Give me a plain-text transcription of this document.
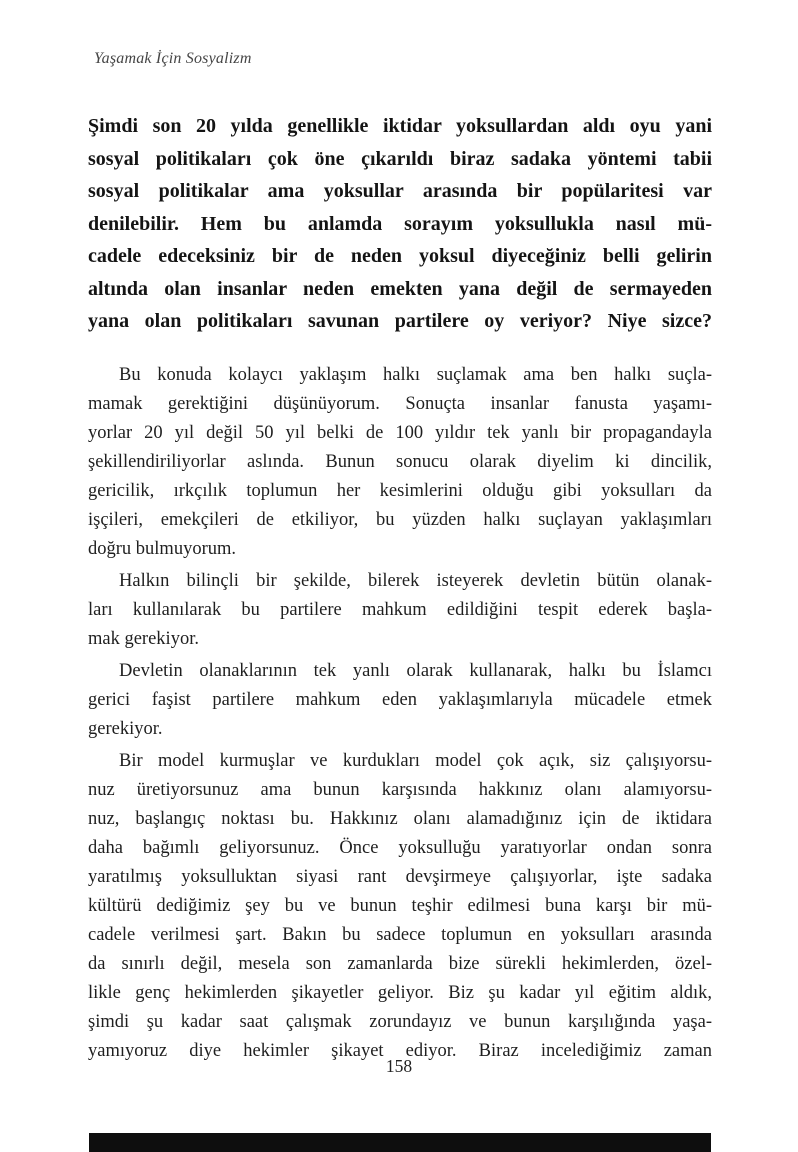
Yaşamak İçin Sosyalizm
Şimdi son 20 yılda genellikle iktidar yoksullardan aldı oyu yani
sosyal politikaları çok öne çıkarıldı biraz sadaka yöntemi tabii
sosyal politikalar ama yoksullar arasında bir popülaritesi var
denilebilir. Hem bu anlamda sorayım yoksullukla nasıl mü-
cadele edeceksiniz bir de neden yoksul diyeceğiniz belli gelirin
altında olan insanlar neden emekten yana değil de sermayeden
yana olan politikaları savunan partilere oy veriyor? Niye sizce?
Bu konuda kolaycı yaklaşım halkı suçlamak ama ben halkı suçla-
mamak gerektiğini düşünüyorum. Sonuçta insanlar fanusta yaşamı-
yorlar 20 yıl değil 50 yıl belki de 100 yıldır tek yanlı bir propagandayla
şekillendiriliyorlar aslında. Bunun sonucu olarak diyelim ki dincilik,
gericilik, ırkçılık toplumun her kesimlerini olduğu gibi yoksulları da
işçileri, emekçileri de etkiliyor, bu yüzden halkı suçlayan yaklaşımları
doğru bulmuyorum.
Halkın bilinçli bir şekilde, bilerek isteyerek devletin bütün olanak-
ları kullanılarak bu partilere mahkum edildiğini tespit ederek başla-
mak gerekiyor.
Devletin olanaklarının tek yanlı olarak kullanarak, halkı bu İslamcı
gerici faşist partilere mahkum eden yaklaşımlarıyla mücadele etmek
gerekiyor.
Bir model kurmuşlar ve kurdukları model çok açık, siz çalışıyorsu-
nuz üretiyorsunuz ama bunun karşısında hakkınız olanı alamıyorsu-
nuz, başlangıç noktası bu. Hakkınız olanı alamadığınız için de iktidara
daha bağımlı geliyorsunuz. Önce yoksulluğu yaratıyorlar ondan sonra
yaratılmış yoksulluktan siyasi rant devşirmeye çalışıyorlar, işte sadaka
kültürü dediğimiz şey bu ve bunun teşhir edilmesi buna karşı bir mü-
cadele verilmesi şart. Bakın bu sadece toplumun en yoksulları arasında
da sınırlı değil, mesela son zamanlarda bize sürekli hekimlerden, özel-
likle genç hekimlerden şikayetler geliyor. Biz şu kadar yıl eğitim aldık,
şimdi şu kadar saat çalışmak zorundayız ve bunun karşılığında yaşa-
yamıyoruz diye hekimler şikayet ediyor. Biraz incelediğimiz zaman
158
